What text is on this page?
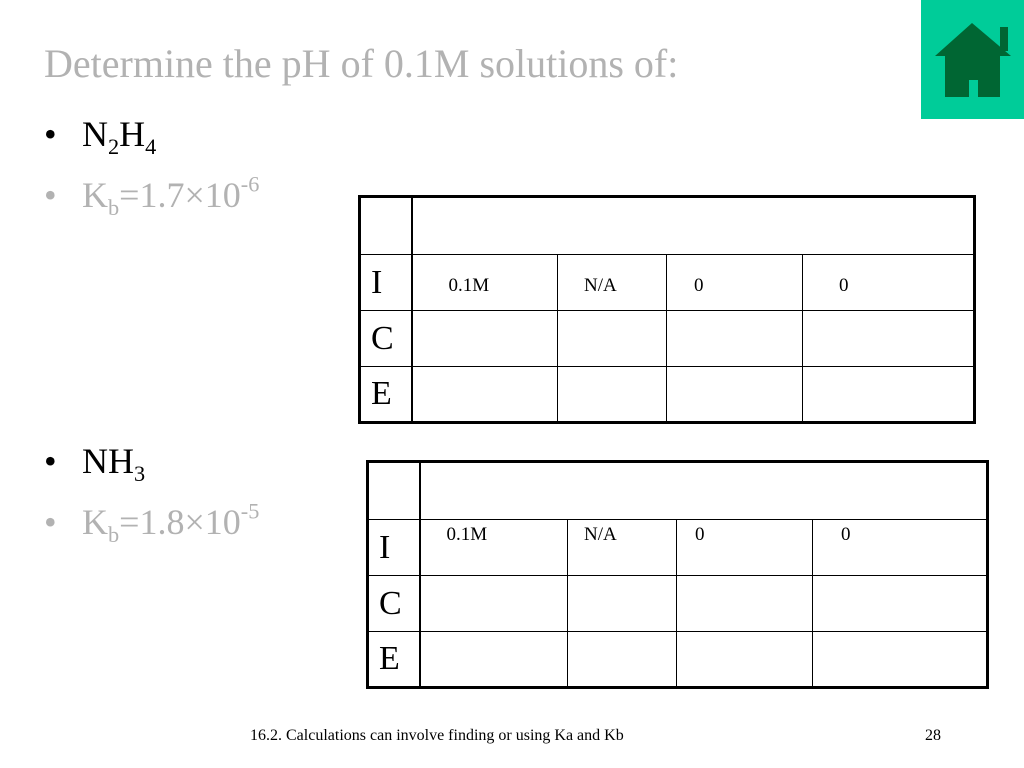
Determine the pH of 0.1M solutions of:
• $N_2H_4$
• $K_b=1.7\times 10^{-6}$
• $NH_3$
• $K_b=1.8\times 10^{-5}$

I	0.1M	N/A	0	0
C				
E				

I	0.1M	N/A	0	0
C				
E				
16.2. Calculations can involve finding or using Ka and Kb	28
